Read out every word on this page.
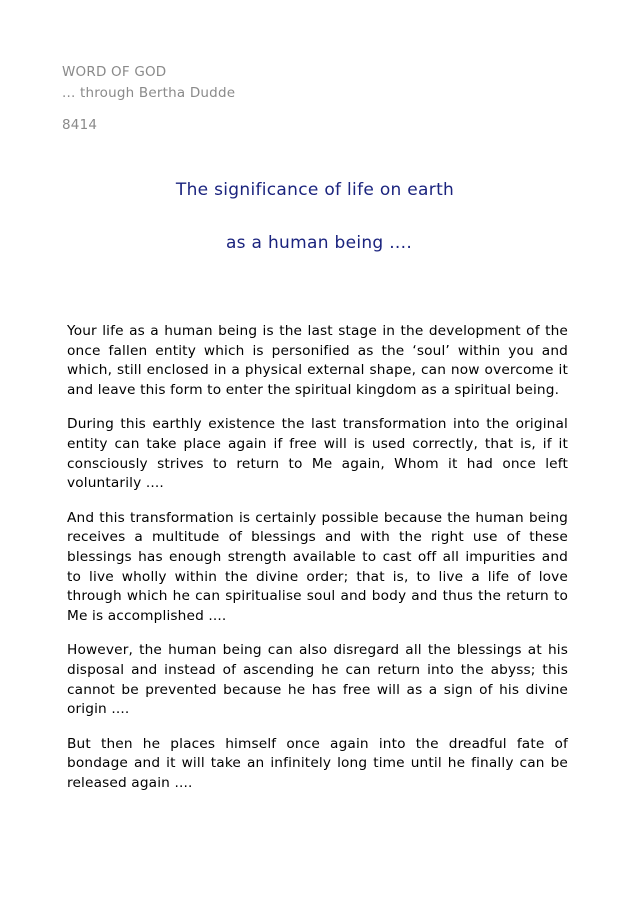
WORD OF GOD
... through Bertha Dudde
8414
The significance of life on earth
as a human being ....

Your life as a human being is the last stage in the development of the once fallen entity which is personified as the ‘soul’ within you and which, still enclosed in a physical external shape, can now overcome it and leave this form to enter the spiritual kingdom as a spiritual being.

During this earthly existence the last transformation into the original entity can take place again if free will is used correctly, that is, if it consciously strives to return to Me again, Whom it had once left voluntarily ....

And this transformation is certainly possible because the human being receives a multitude of blessings and with the right use of these blessings has enough strength available to cast off all impurities and to live wholly within the divine order; that is, to live a life of love through which he can spiritualise soul and body and thus the return to Me is accomplished ....

However, the human being can also disregard all the blessings at his disposal and instead of ascending he can return into the abyss; this cannot be prevented because he has free will as a sign of his divine origin ....

But then he places himself once again into the dreadful fate of bondage and it will take an infinitely long time until he finally can be released again ....
